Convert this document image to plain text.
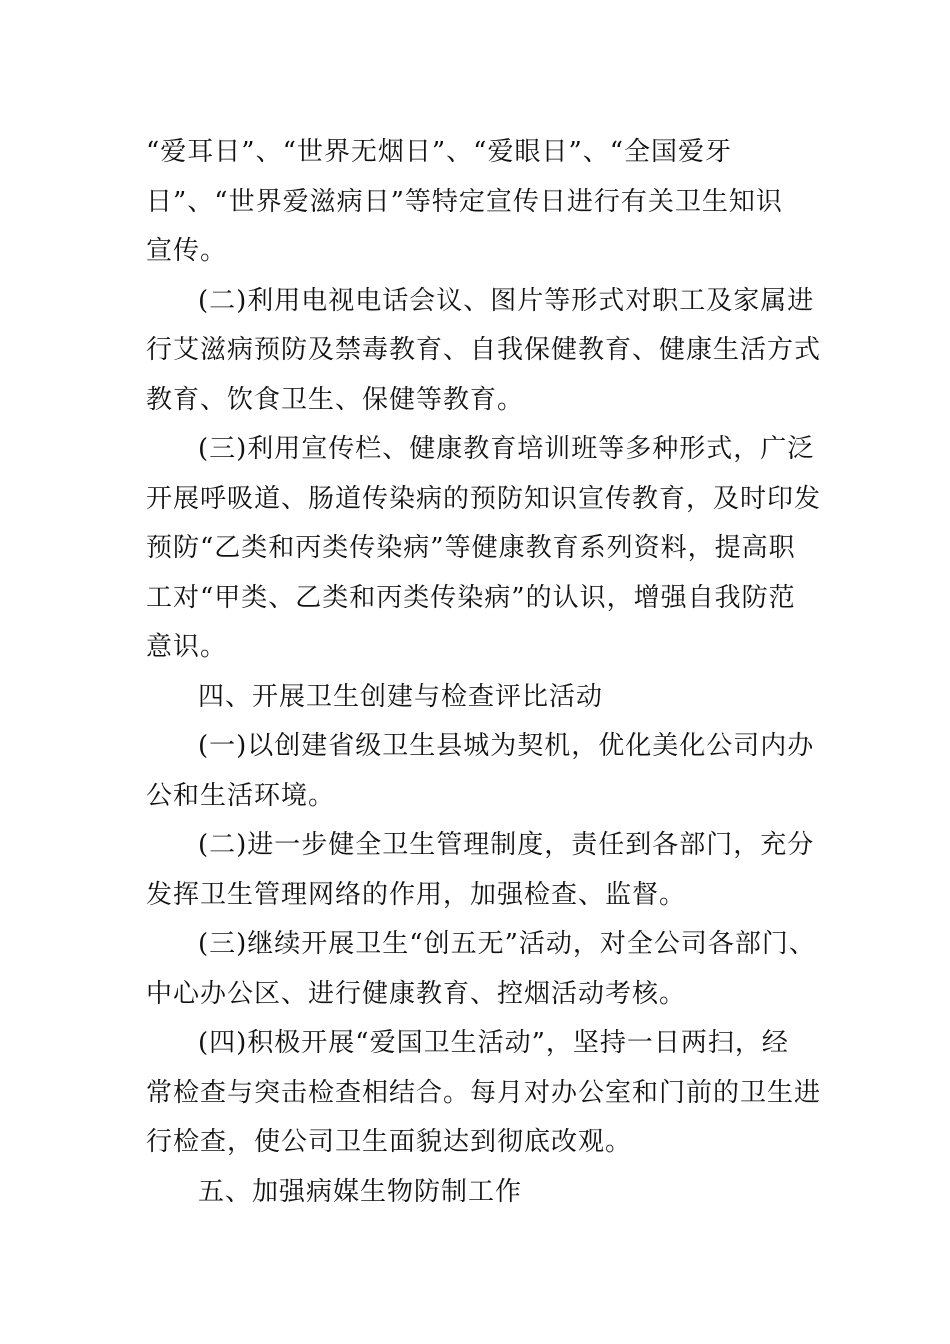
“爱耳日”、“世界无烟日”、“爱眼日”、“全国爱牙
日”、“世界爱滋病日”等特定宣传日进行有关卫生知识
宣传。
(二)利用电视电话会议、图片等形式对职工及家属进
行艾滋病预防及禁毒教育、自我保健教育、健康生活方式
教育、饮食卫生、保健等教育。
(三)利用宣传栏、健康教育培训班等多种形式，广泛
开展呼吸道、肠道传染病的预防知识宣传教育，及时印发
预防“乙类和丙类传染病”等健康教育系列资料，提高职
工对“甲类、乙类和丙类传染病”的认识，增强自我防范
意识。
四、开展卫生创建与检查评比活动
(一)以创建省级卫生县城为契机，优化美化公司内办
公和生活环境。
(二)进一步健全卫生管理制度，责任到各部门，充分
发挥卫生管理网络的作用，加强检查、监督。
(三)继续开展卫生“创五无”活动，对全公司各部门、
中心办公区、进行健康教育、控烟活动考核。
(四)积极开展“爱国卫生活动”，坚持一日两扫，经
常检查与突击检查相结合。每月对办公室和门前的卫生进
行检查，使公司卫生面貌达到彻底改观。
五、加强病媒生物防制工作
